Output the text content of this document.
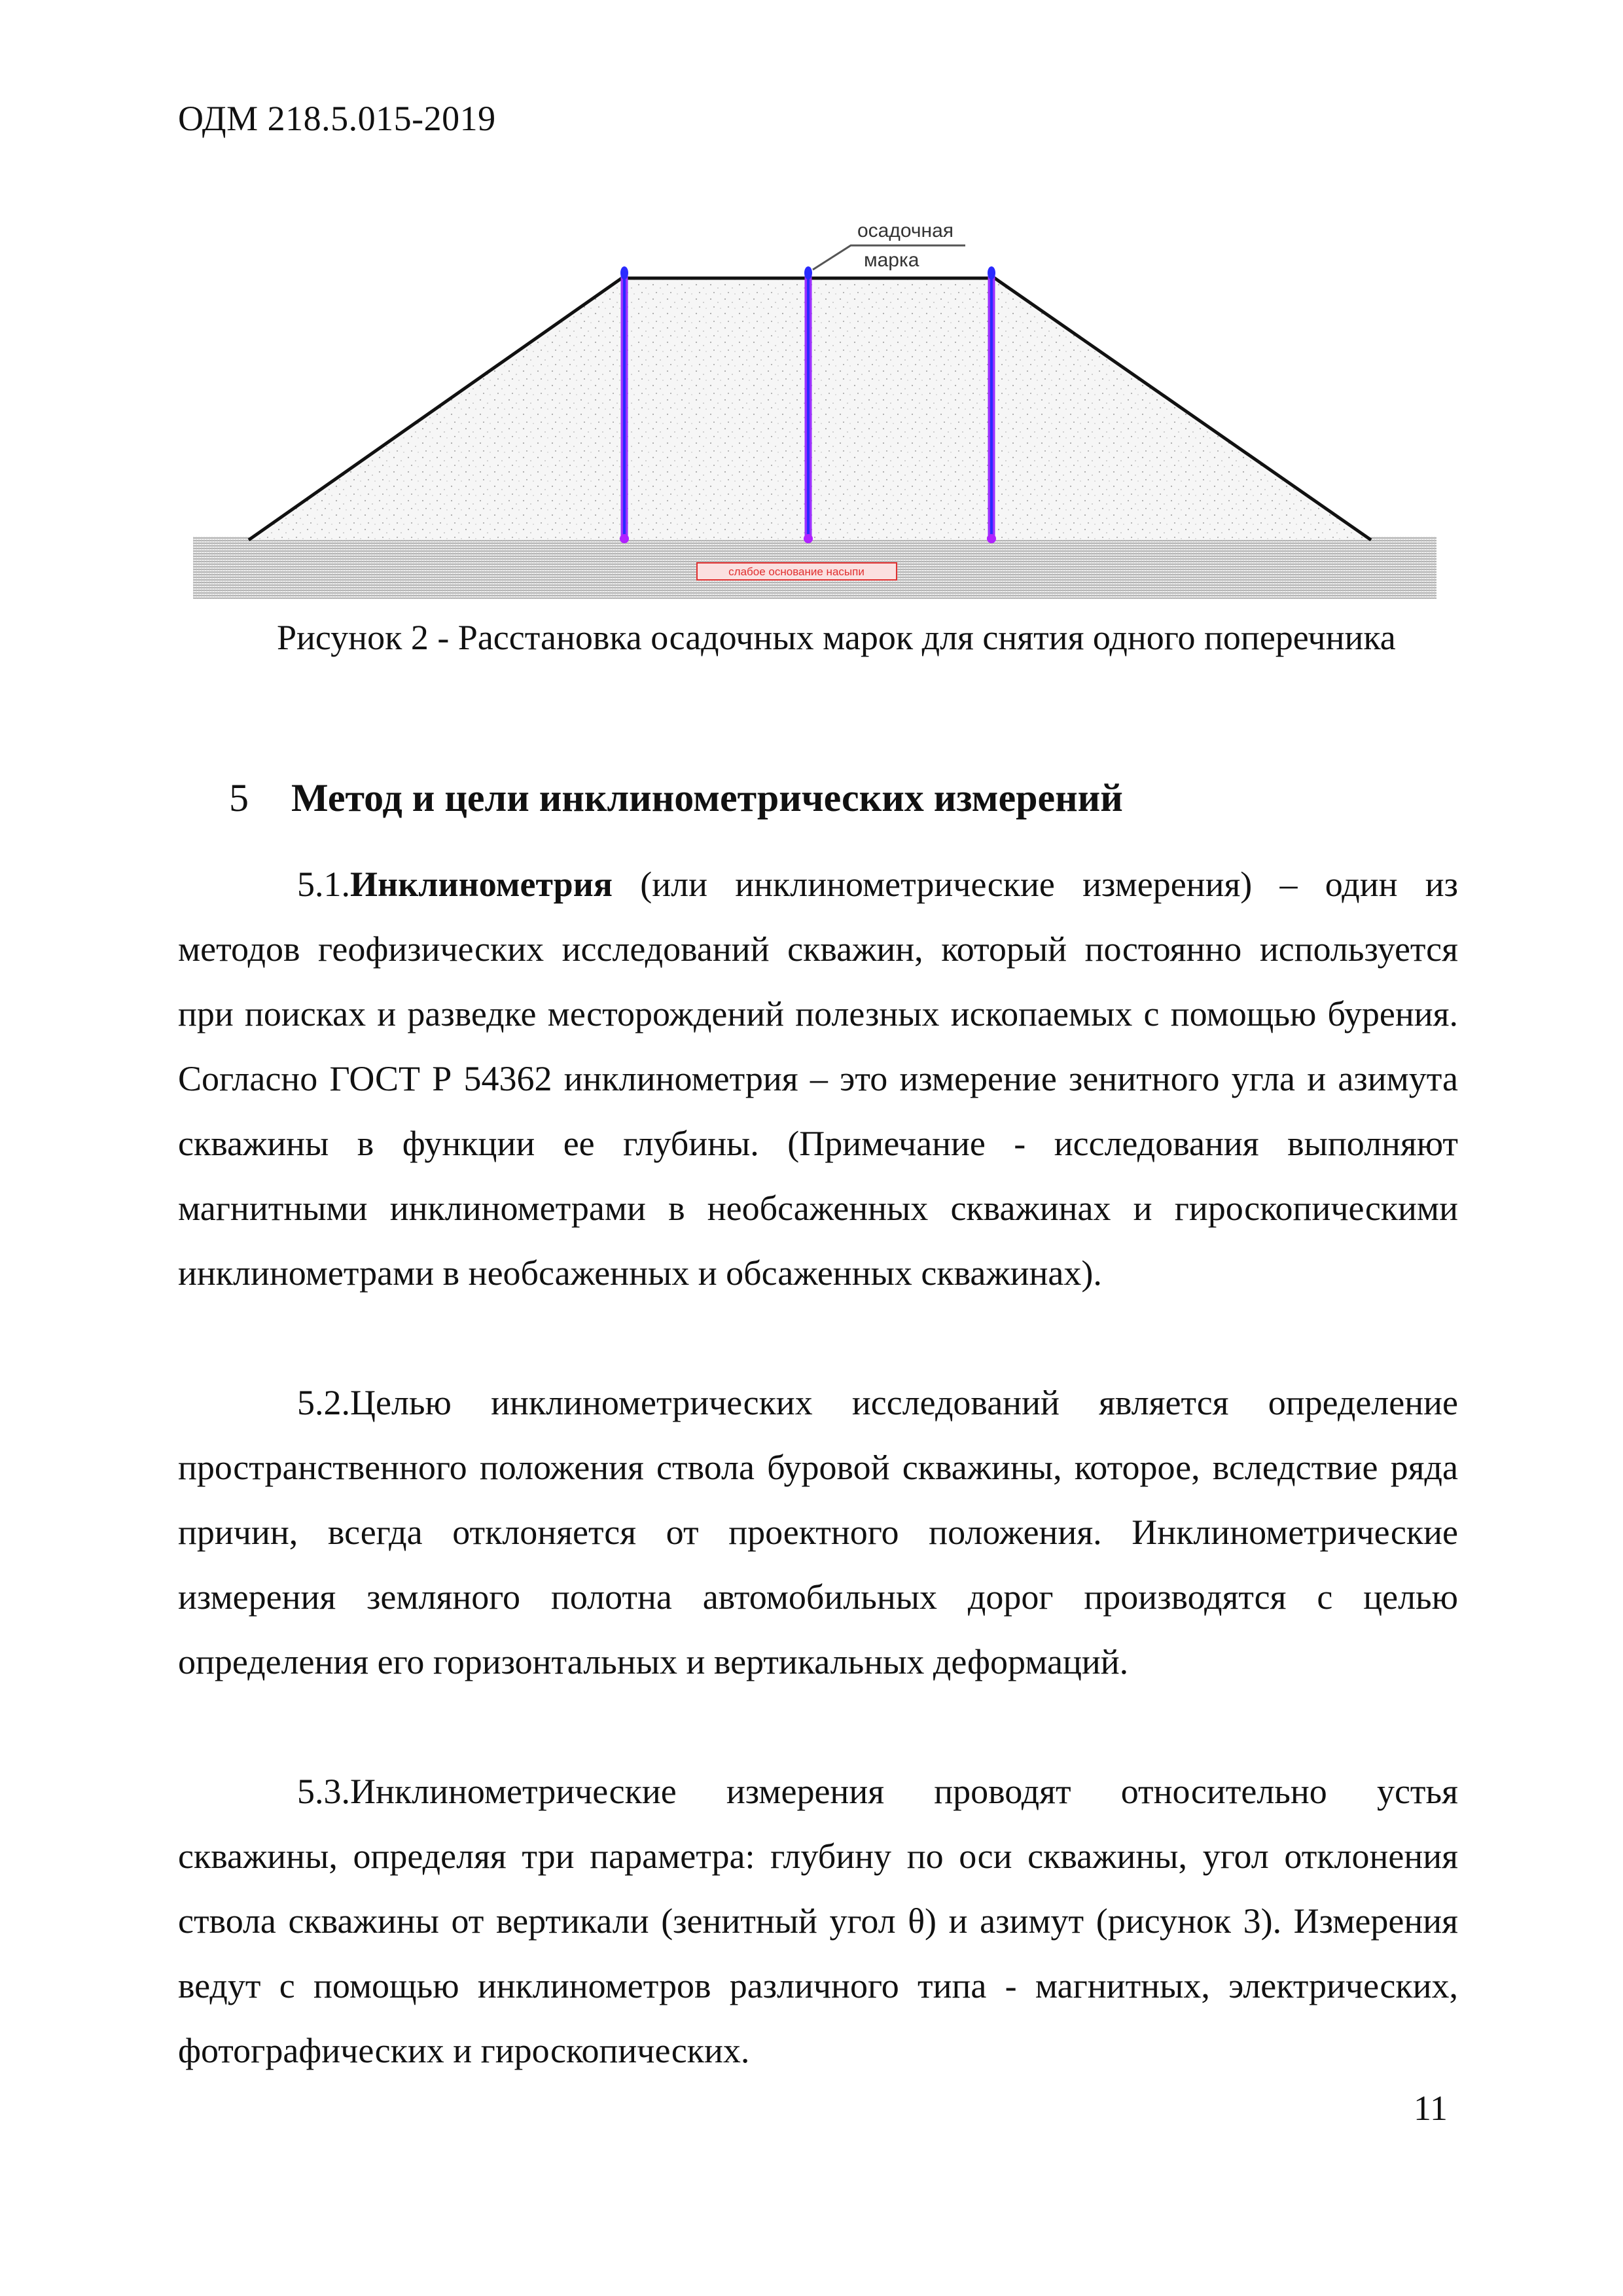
ОДМ 218.5.015-2019
осадочная
марка
слабое основание насыпи
Рисунок 2 - Расстановка осадочных марок для снятия одного поперечника
5 Метод и цели инклинометрических измерений

5.1.Инклинометрия (или инклинометрические измерения) – один из методов геофизических исследований скважин, который постоянно используется при поисках и разведке месторождений полезных ископаемых с помощью бурения. Согласно ГОСТ Р 54362 инклинометрия – это измерение зенитного угла и азимута скважины в функции ее глубины. (Примечание - исследования выполняют магнитными инклинометрами в необсаженных скважинах и гироскопическими инклинометрами в необсаженных и обсаженных скважинах).

5.2.Целью инклинометрических исследований является определение пространственного положения ствола буровой скважины, которое, вследствие ряда причин, всегда отклоняется от проектного положения. Инклинометрические измерения земляного полотна автомобильных дорог производятся с целью определения его горизонтальных и вертикальных деформаций.

5.3.Инклинометрические измерения проводят относительно устья скважины, определяя три параметра: глубину по оси скважины, угол отклонения ствола скважины от вертикали (зенитный угол θ) и азимут (рисунок 3). Измерения ведут с помощью инклинометров различного типа - магнитных, электрических, фотографических и гироскопических.

11
